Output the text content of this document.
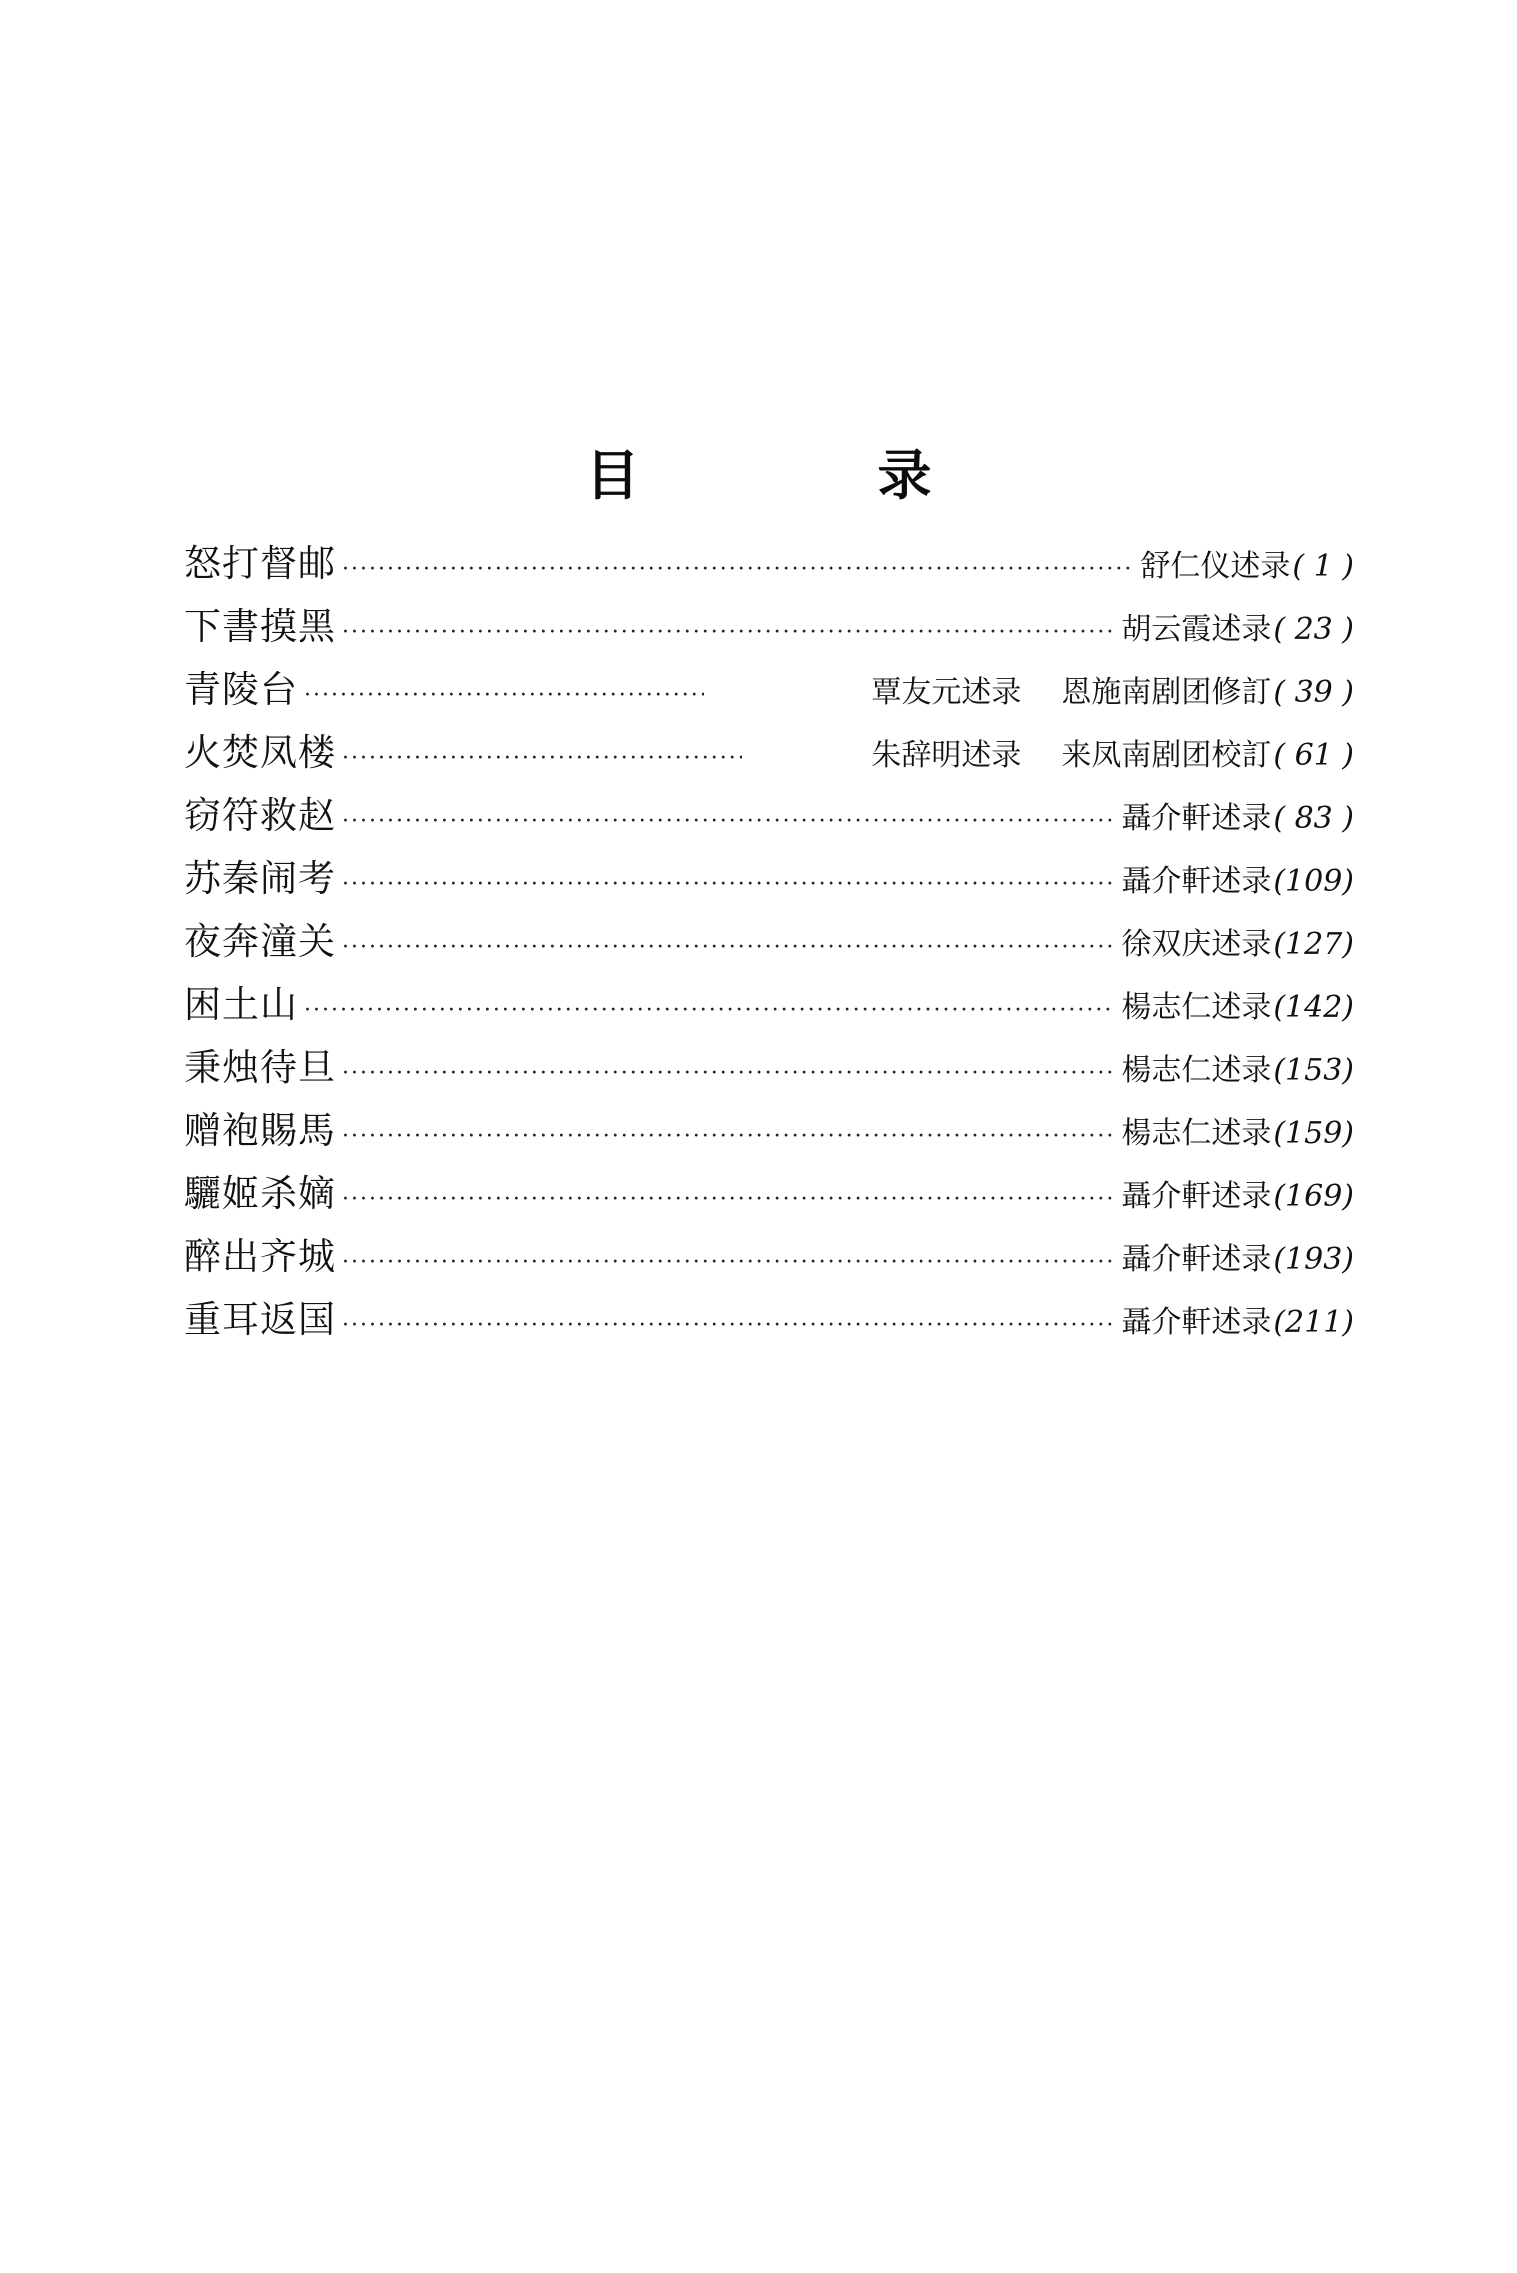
目　录
怒打督邮 ·····	舒仁仪述录 ( 1 )
下書摸黑 ·····	胡云霞述录 ( 23 )
青陵台 ·····	覃友元述录 恩施南剧团修訂 ( 39 )
火焚凤楼 ·····	朱辞明述录 来凤南剧团校訂 ( 61 )
窃符救赵 ·····	聶介軒述录 ( 83 )
苏秦闹考 ·····	聶介軒述录 (109)
夜奔潼关 ·····	徐双庆述录 (127)
困土山 ·····	楊志仁述录 (142)
秉烛待旦 ·····	楊志仁述录 (153)
赠袍賜馬 ·····	楊志仁述录 (159)
驪姬杀嫡 ·····	聶介軒述录 (169)
醉出齐城 ·····	聶介軒述录 (193)
重耳返国 ·····	聶介軒述录 (211)
